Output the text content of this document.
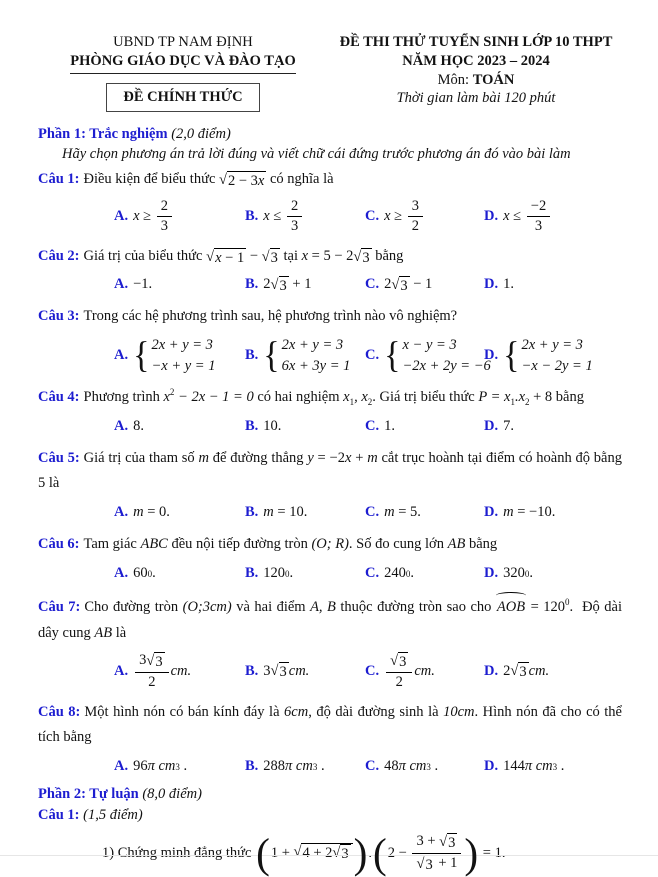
UBND TP NAM ĐỊNH
PHÒNG GIÁO DỤC VÀ ĐÀO TẠO
ĐỀ CHÍNH THỨC
ĐỀ THI THỬ TUYỂN SINH LỚP 10 THPT
NĂM HỌC 2023 – 2024
Môn: TOÁN
Thời gian làm bài 120 phút
Phần 1: Trắc nghiệm (2,0 điểm)
Hãy chọn phương án trả lời đúng và viết chữ cái đứng trước phương án đó vào bài làm
Câu 1: Điều kiện để biểu thức √ 2 − 3 x có nghĩa là
A. $x \ge \frac{2}{3}$	B. $x \le \frac{2}{3}$	C. $x \ge \frac{3}{2}$	D. $x \le \frac{-2}{3}$
Câu 2: Giá trị của biểu thức √ x − 1 − √ 3 tại x = 5 − 2 √ 3 bằng
A. −1.	B. 2 √ 3 + 1	C. 2 √ 3 − 1	D. 1.
Câu 3: Trong các hệ phương trình sau, hệ phương trình nào vô nghiệm?
A. { 2x + y = 3
−x + y = 1
B. { 2x + y = 3
6x + 3y = 1
C. { x − y = 3
−2x + 2y = −6
D. { 2x + y = 3
−x − 2y = 1
Câu 4: Phương trình $x^2 - 2x - 1 = 0$ có hai nghiệm $x_1$, $x_2$. Giá trị biểu thức $P = x_1.x_2 + 8$ bằng
A. 8.	B. 10.	C. 1.	D. 7.
Câu 5: Giá trị của tham số m để đường thẳng y = −2x + m cắt trục hoành tại điểm có hoành độ bằng 5 là
A. m = 0.	B. m = 10.	C. m = 5.	D. m = −10.
Câu 6: Tam giác ABC đều nội tiếp đường tròn (O; R). Số đo cung lớn AB bằng
A. 60 0 .	B. 120 0 .	C. 240 0 .	D. 320 0 .
Câu 7: Cho đường tròn (O;3cm) và hai điểm A, B thuộc đường tròn sao cho AOB = $120^0$.  Độ dài dây cung AB là
A. $\frac{3 √ 3}{2}$ cm.	B. 3 √ 3 cm.	C. $\frac{√ 3}{2}$ cm.	D. 2 √ 3 cm.
Câu 8: Một hình nón có bán kính đáy là 6cm, độ dài đường sinh là 10cm. Hình nón đã cho có thể tích bằng
A. 96 π cm 3 .	B. 288 π cm 3 .	C. 48 π cm 3 .	D. 144 π cm 3 .
Phần 2: Tự luận (8,0 điểm)
Câu 1: (1,5 điểm)
1) Chứng minh đẳng thức ( 1 + √ 4 + 2 √ 3 ) . ( $2 - \frac{3 + √ 3}{√ 3 + 1}$ ) = 1.
